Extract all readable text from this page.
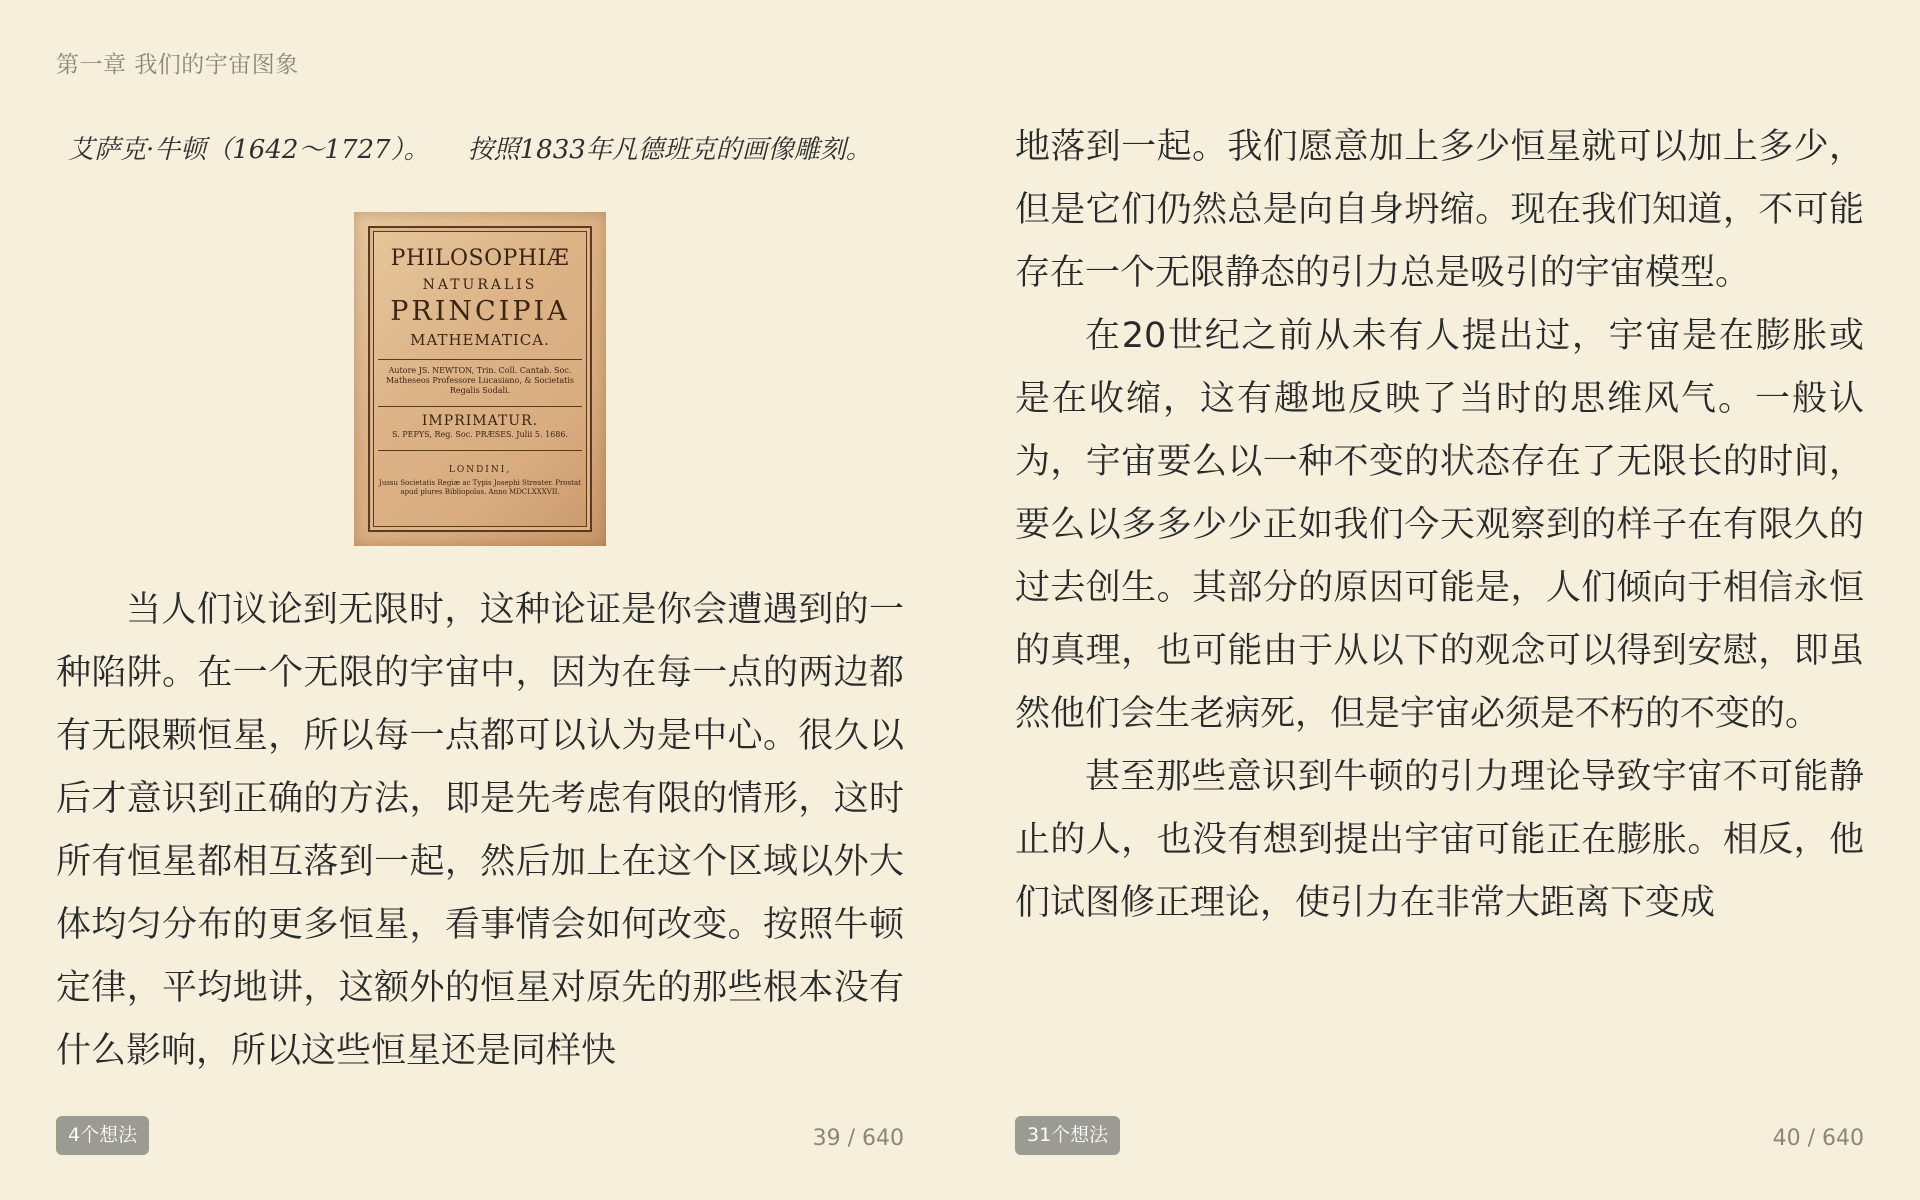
第一章 我们的宇宙图象
艾萨克·牛顿（1642～1727）。 按照1833年凡德班克的画像雕刻。
PHILOSOPHIÆ
NATURALIS
PRINCIPIA
MATHEMATICA.
Autore JS. NEWTON, Trin. Coll. Cantab. Soc. Matheseos Professore Lucasiano, & Societatis Regalis Sodali.
IMPRIMATUR.
S. PEPYS, Reg. Soc. PRÆSES. Julii 5. 1686.
LONDINI,
Jussu Societatis Regiæ ac Typis Josephi Streater. Prostat apud plures Bibliopolas. Anno MDCLXXXVII.

当人们议论到无限时，这种论证是你会遭遇到的一种陷阱。在一个无限的宇宙中，因为在每一点的两边都有无限颗恒星，所以每一点都可以认为是中心。很久以后才意识到正确的方法，即是先考虑有限的情形，这时所有恒星都相互落到一起，然后加上在这个区域以外大体均匀分布的更多恒星，看事情会如何改变。按照牛顿定律，平均地讲，这额外的恒星对原先的那些根本没有什么影响，所以这些恒星还是同样快

4个想法	39 / 640

地落到一起。我们愿意加上多少恒星就可以加上多少，但是它们仍然总是向自身坍缩。现在我们知道，不可能存在一个无限静态的引力总是吸引的宇宙模型。

在20世纪之前从未有人提出过，宇宙是在膨胀或是在收缩，这有趣地反映了当时的思维风气。一般认为，宇宙要么以一种不变的状态存在了无限长的时间，要么以多多少少正如我们今天观察到的样子在有限久的过去创生。其部分的原因可能是，人们倾向于相信永恒的真理，也可能由于从以下的观念可以得到安慰，即虽然他们会生老病死，但是宇宙必须是不朽的不变的。

甚至那些意识到牛顿的引力理论导致宇宙不可能静止的人，也没有想到提出宇宙可能正在膨胀。相反，他们试图修正理论，使引力在非常大距离下变成

31个想法	40 / 640
